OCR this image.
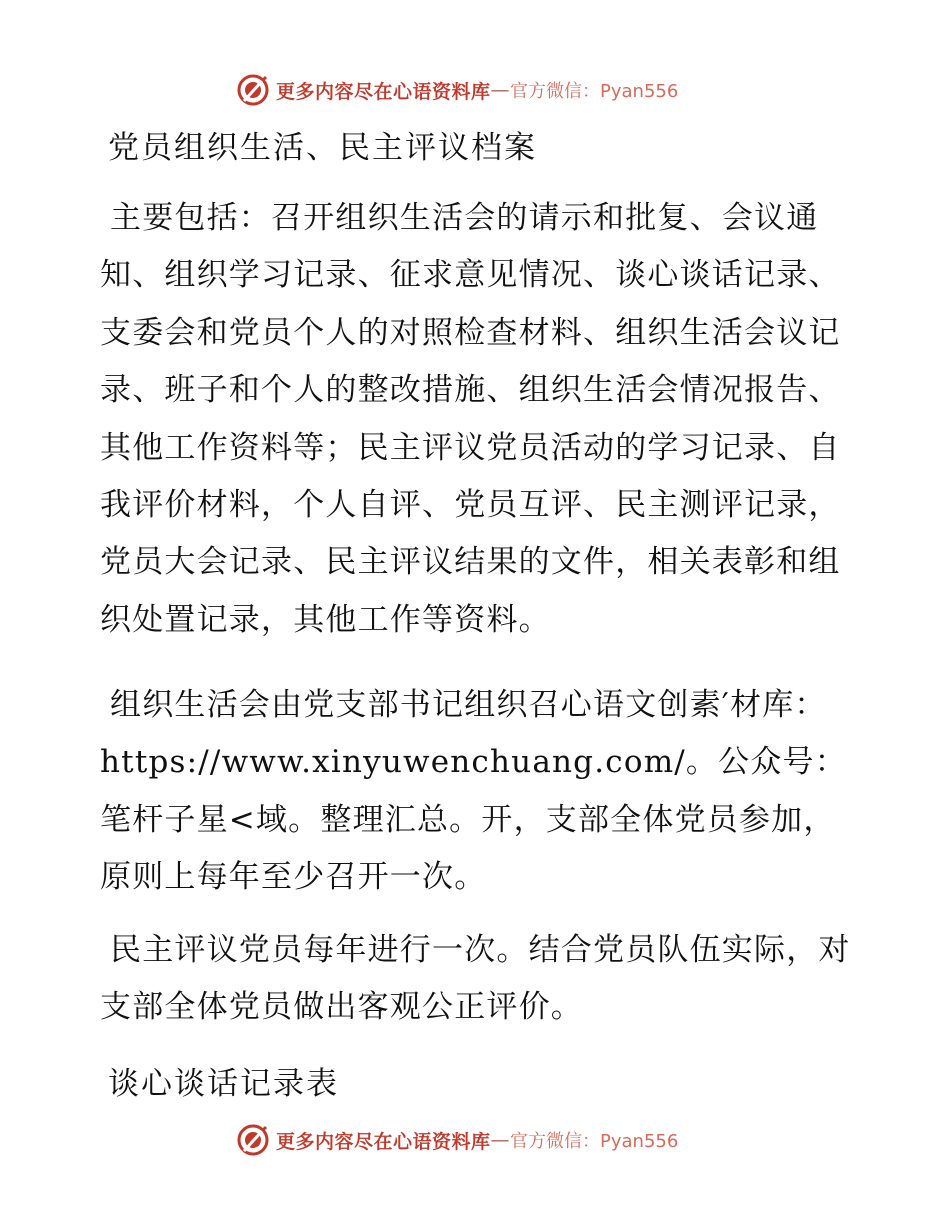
更多内容尽在心语资料库 — 官方微信：Pyan556
党员组织生活、民主评议档案

主要包括：召开组织生活会的请示和批复、会议通知、组织学习记录、征求意见情况、谈心谈话记录、支委会和党员个人的对照检查材料、组织生活会议记录、班子和个人的整改措施、组织生活会情况报告、其他工作资料等；民主评议党员活动的学习记录、自我评价材料，个人自评、党员互评、民主测评记录，党员大会记录、民主评议结果的文件，相关表彰和组织处置记录，其他工作等资料。

组织生活会由党支部书记组织召心语文创素′材库：https://www.xinyuwenchuang.com/。公众号：笔杆子星<域。整理汇总。开，支部全体党员参加，原则上每年至少召开一次。

民主评议党员每年进行一次。结合党员队伍实际，对支部全体党员做出客观公正评价。

谈心谈话记录表
更多内容尽在心语资料库 — 官方微信：Pyan556
